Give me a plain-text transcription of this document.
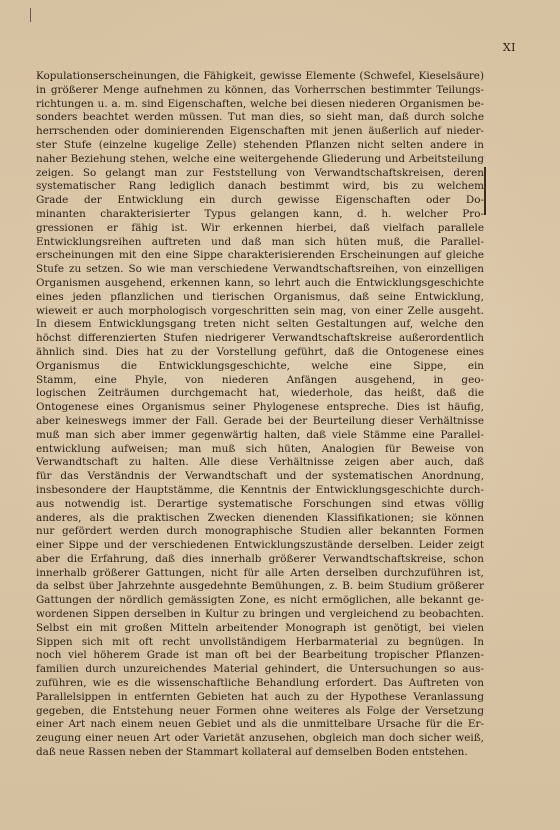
XI
Kopulationserscheinungen, die Fähigkeit, gewisse Elemente (Schwefel, Kieselsäure)
in größerer Menge aufnehmen zu können, das Vorherrschen bestimmter Teilungs-
richtungen u. a. m. sind Eigenschaften, welche bei diesen niederen Organismen be-
sonders beachtet werden müssen. Tut man dies, so sieht man, daß durch solche
herrschenden oder dominierenden Eigenschaften mit jenen äußerlich auf nieder-
ster Stufe (einzelne kugelige Zelle) stehenden Pflanzen nicht selten andere in
naher Beziehung stehen, welche eine weitergehende Gliederung und Arbeitsteilung
zeigen. So gelangt man zur Feststellung von Verwandtschaftskreisen, deren
systematischer Rang lediglich danach bestimmt wird, bis zu welchem
Grade der Entwicklung ein durch gewisse Eigenschaften oder Do-
minanten charakterisierter Typus gelangen kann, d. h. welcher Pro-
gressionen er fähig ist. Wir erkennen hierbei, daß vielfach parallele
Entwicklungsreihen auftreten und daß man sich hüten muß, die Parallel-
erscheinungen mit den eine Sippe charakterisierenden Erscheinungen auf gleiche
Stufe zu setzen. So wie man verschiedene Verwandtschaftsreihen, von einzelligen
Organismen ausgehend, erkennen kann, so lehrt auch die Entwicklungsgeschichte
eines jeden pflanzlichen und tierischen Organismus, daß seine Entwicklung,
wieweit er auch morphologisch vorgeschritten sein mag, von einer Zelle ausgeht.
In diesem Entwicklungsgang treten nicht selten Gestaltungen auf, welche den
höchst differenzierten Stufen niedrigerer Verwandtschaftskreise außerordentlich
ähnlich sind. Dies hat zu der Vorstellung geführt, daß die Ontogenese eines
Organismus die Entwicklungsgeschichte, welche eine Sippe, ein
Stamm, eine Phyle, von niederen Anfängen ausgehend, in geo-
logischen Zeiträumen durchgemacht hat, wiederhole, das heißt, daß die
Ontogenese eines Organismus seiner Phylogenese entspreche. Dies ist häufig,
aber keineswegs immer der Fall. Gerade bei der Beurteilung dieser Verhältnisse
muß man sich aber immer gegenwärtig halten, daß viele Stämme eine Parallel-
entwicklung aufweisen; man muß sich hüten, Analogien für Beweise von
Verwandtschaft zu halten. Alle diese Verhältnisse zeigen aber auch, daß
für das Verständnis der Verwandtschaft und der systematischen Anordnung,
insbesondere der Hauptstämme, die Kenntnis der Entwicklungsgeschichte durch-
aus notwendig ist. Derartige systematische Forschungen sind etwas völlig
anderes, als die praktischen Zwecken dienenden Klassifikationen; sie können
nur gefördert werden durch monographische Studien aller bekannten Formen
einer Sippe und der verschiedenen Entwicklungszustände derselben. Leider zeigt
aber die Erfahrung, daß dies innerhalb größerer Verwandtschaftskreise, schon
innerhalb größerer Gattungen, nicht für alle Arten derselben durchzuführen ist,
da selbst über Jahrzehnte ausgedehnte Bemühungen, z. B. beim Studium größerer
Gattungen der nördlich gemässigten Zone, es nicht ermöglichen, alle bekannt ge-
wordenen Sippen derselben in Kultur zu bringen und vergleichend zu beobachten.
Selbst ein mit großen Mitteln arbeitender Monograph ist genötigt, bei vielen
Sippen sich mit oft recht unvollständigem Herbarmaterial zu begnügen. In
noch viel höherem Grade ist man oft bei der Bearbeitung tropischer Pflanzen-
familien durch unzureichendes Material gehindert, die Untersuchungen so aus-
zuführen, wie es die wissenschaftliche Behandlung erfordert. Das Auftreten von
Parallelsippen in entfernten Gebieten hat auch zu der Hypothese Veranlassung
gegeben, die Entstehung neuer Formen ohne weiteres als Folge der Versetzung
einer Art nach einem neuen Gebiet und als die unmittelbare Ursache für die Er-
zeugung einer neuen Art oder Varietät anzusehen, obgleich man doch sicher weiß,
daß neue Rassen neben der Stammart kollateral auf demselben Boden entstehen.
